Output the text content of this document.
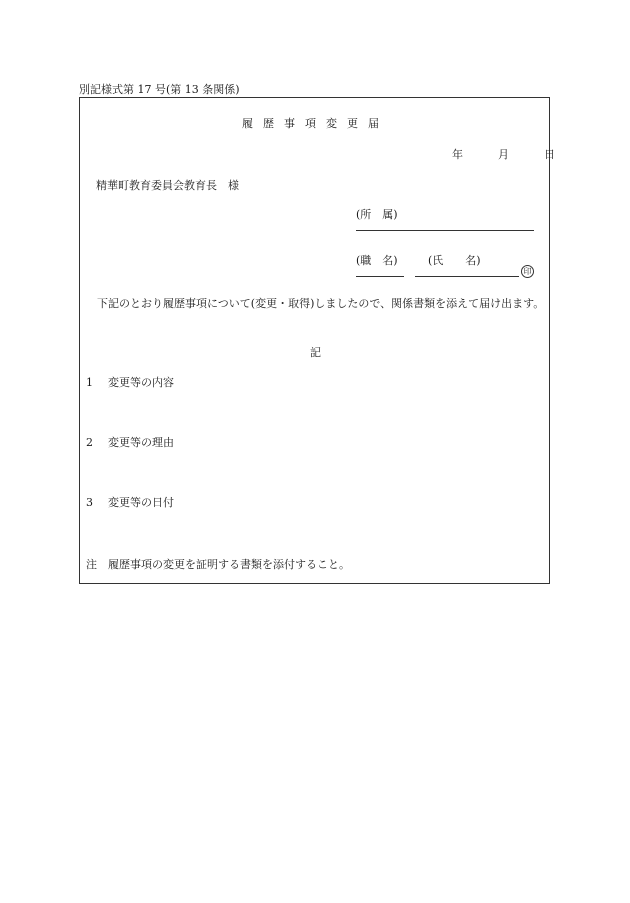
別記様式第 17 号(第 13 条関係)
履歴事項変更届
年	月	日
精華町教育委員会教育長　様
(所　属)
(職　名)	(氏　　名)
印
下記のとおり履歴事項について(変更・取得)しましたので、関係書類を添えて届け出ます。
記
1 変更等の内容
2 変更等の理由
3 変更等の日付
注　履歴事項の変更を証明する書類を添付すること。
